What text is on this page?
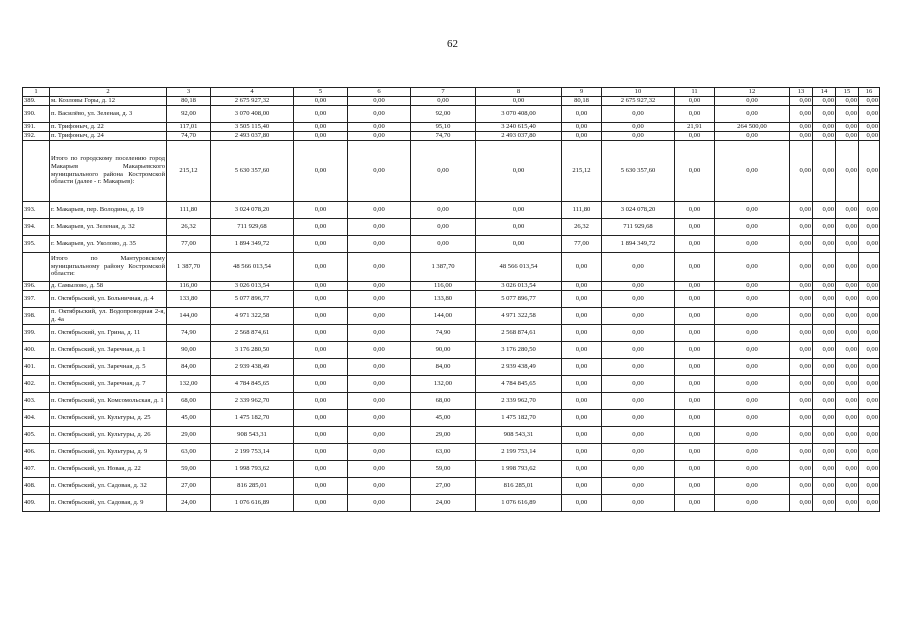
62
1	2	3	4	5	6	7	8	9	10	11	12	13	14	15	16
389.	м. Козловы Горы, д. 12	80,18	2 675 927,32	0,00	0,00	0,00	0,00	80,18	2 675 927,32	0,00	0,00	0,00	0,00	0,00	0,00
390.	п. Василёво, ул. Зеленая, д. 3	92,00	3 070 408,00	0,00	0,00	92,00	3 070 408,00	0,00	0,00	0,00	0,00	0,00	0,00	0,00	0,00
391.	п. Трифоныч, д. 22	117,01	3 505 115,40	0,00	0,00	95,10	3 240 615,40	0,00	0,00	21,91	264 500,00	0,00	0,00	0,00	0,00
392.	п. Трифоныч, д. 24	74,70	2 493 037,80	0,00	0,00	74,70	2 493 037,80	0,00	0,00	0,00	0,00	0,00	0,00	0,00	0,00
	Итого по городскому поселению город Макарьев Макарьевского муниципального района Костромской области (далее - г. Макарьев):	215,12	5 630 357,60	0,00	0,00	0,00	0,00	215,12	5 630 357,60	0,00	0,00	0,00	0,00	0,00	0,00
393.	г. Макарьев, пер. Володина, д. 19	111,80	3 024 078,20	0,00	0,00	0,00	0,00	111,80	3 024 078,20	0,00	0,00	0,00	0,00	0,00	0,00
394.	г. Макарьев, ул. Зеленая, д. 32	26,32	711 929,68	0,00	0,00	0,00	0,00	26,32	711 929,68	0,00	0,00	0,00	0,00	0,00	0,00
395.	г. Макарьев, ул. Уколово, д. 35	77,00	1 894 349,72	0,00	0,00	0,00	0,00	77,00	1 894 349,72	0,00	0,00	0,00	0,00	0,00	0,00
	Итого по Мантуровскому муниципальному району Костромской области:	1 387,70	48 566 013,54	0,00	0,00	1 387,70	48 566 013,54	0,00	0,00	0,00	0,00	0,00	0,00	0,00	0,00
396.	д. Самылово, д. 58	116,00	3 026 013,54	0,00	0,00	116,00	3 026 013,54	0,00	0,00	0,00	0,00	0,00	0,00	0,00	0,00
397.	п. Октябрьский, ул. Больничная, д. 4	133,80	5 077 896,77	0,00	0,00	133,80	5 077 896,77	0,00	0,00	0,00	0,00	0,00	0,00	0,00	0,00
398.	п. Октябрьский, ул. Водопроводная 2-я, д. 4а	144,00	4 971 322,58	0,00	0,00	144,00	4 971 322,58	0,00	0,00	0,00	0,00	0,00	0,00	0,00	0,00
399.	п. Октябрьский, ул. Грина, д. 11	74,90	2 568 874,61	0,00	0,00	74,90	2 568 874,61	0,00	0,00	0,00	0,00	0,00	0,00	0,00	0,00
400.	п. Октябрьский, ул. Заречная, д. 1	90,00	3 176 280,50	0,00	0,00	90,00	3 176 280,50	0,00	0,00	0,00	0,00	0,00	0,00	0,00	0,00
401.	п. Октябрьский, ул. Заречная, д. 5	84,00	2 939 438,49	0,00	0,00	84,00	2 939 438,49	0,00	0,00	0,00	0,00	0,00	0,00	0,00	0,00
402.	п. Октябрьский, ул. Заречная, д. 7	132,00	4 784 845,65	0,00	0,00	132,00	4 784 845,65	0,00	0,00	0,00	0,00	0,00	0,00	0,00	0,00
403.	п. Октябрьский, ул. Комсомольская, д. 1	68,00	2 339 962,70	0,00	0,00	68,00	2 339 962,70	0,00	0,00	0,00	0,00	0,00	0,00	0,00	0,00
404.	п. Октябрьский, ул. Культуры, д. 25	45,00	1 475 182,70	0,00	0,00	45,00	1 475 182,70	0,00	0,00	0,00	0,00	0,00	0,00	0,00	0,00
405.	п. Октябрьский, ул. Культуры, д. 26	29,00	908 543,31	0,00	0,00	29,00	908 543,31	0,00	0,00	0,00	0,00	0,00	0,00	0,00	0,00
406.	п. Октябрьский, ул. Культуры, д. 9	63,00	2 199 753,14	0,00	0,00	63,00	2 199 753,14	0,00	0,00	0,00	0,00	0,00	0,00	0,00	0,00
407.	п. Октябрьский, ул. Новая, д. 22	59,00	1 998 793,62	0,00	0,00	59,00	1 998 793,62	0,00	0,00	0,00	0,00	0,00	0,00	0,00	0,00
408.	п. Октябрьский, ул. Садовая, д. 32	27,00	816 285,01	0,00	0,00	27,00	816 285,01	0,00	0,00	0,00	0,00	0,00	0,00	0,00	0,00
409.	п. Октябрьский, ул. Садовая, д. 9	24,00	1 076 616,89	0,00	0,00	24,00	1 076 616,89	0,00	0,00	0,00	0,00	0,00	0,00	0,00	0,00
